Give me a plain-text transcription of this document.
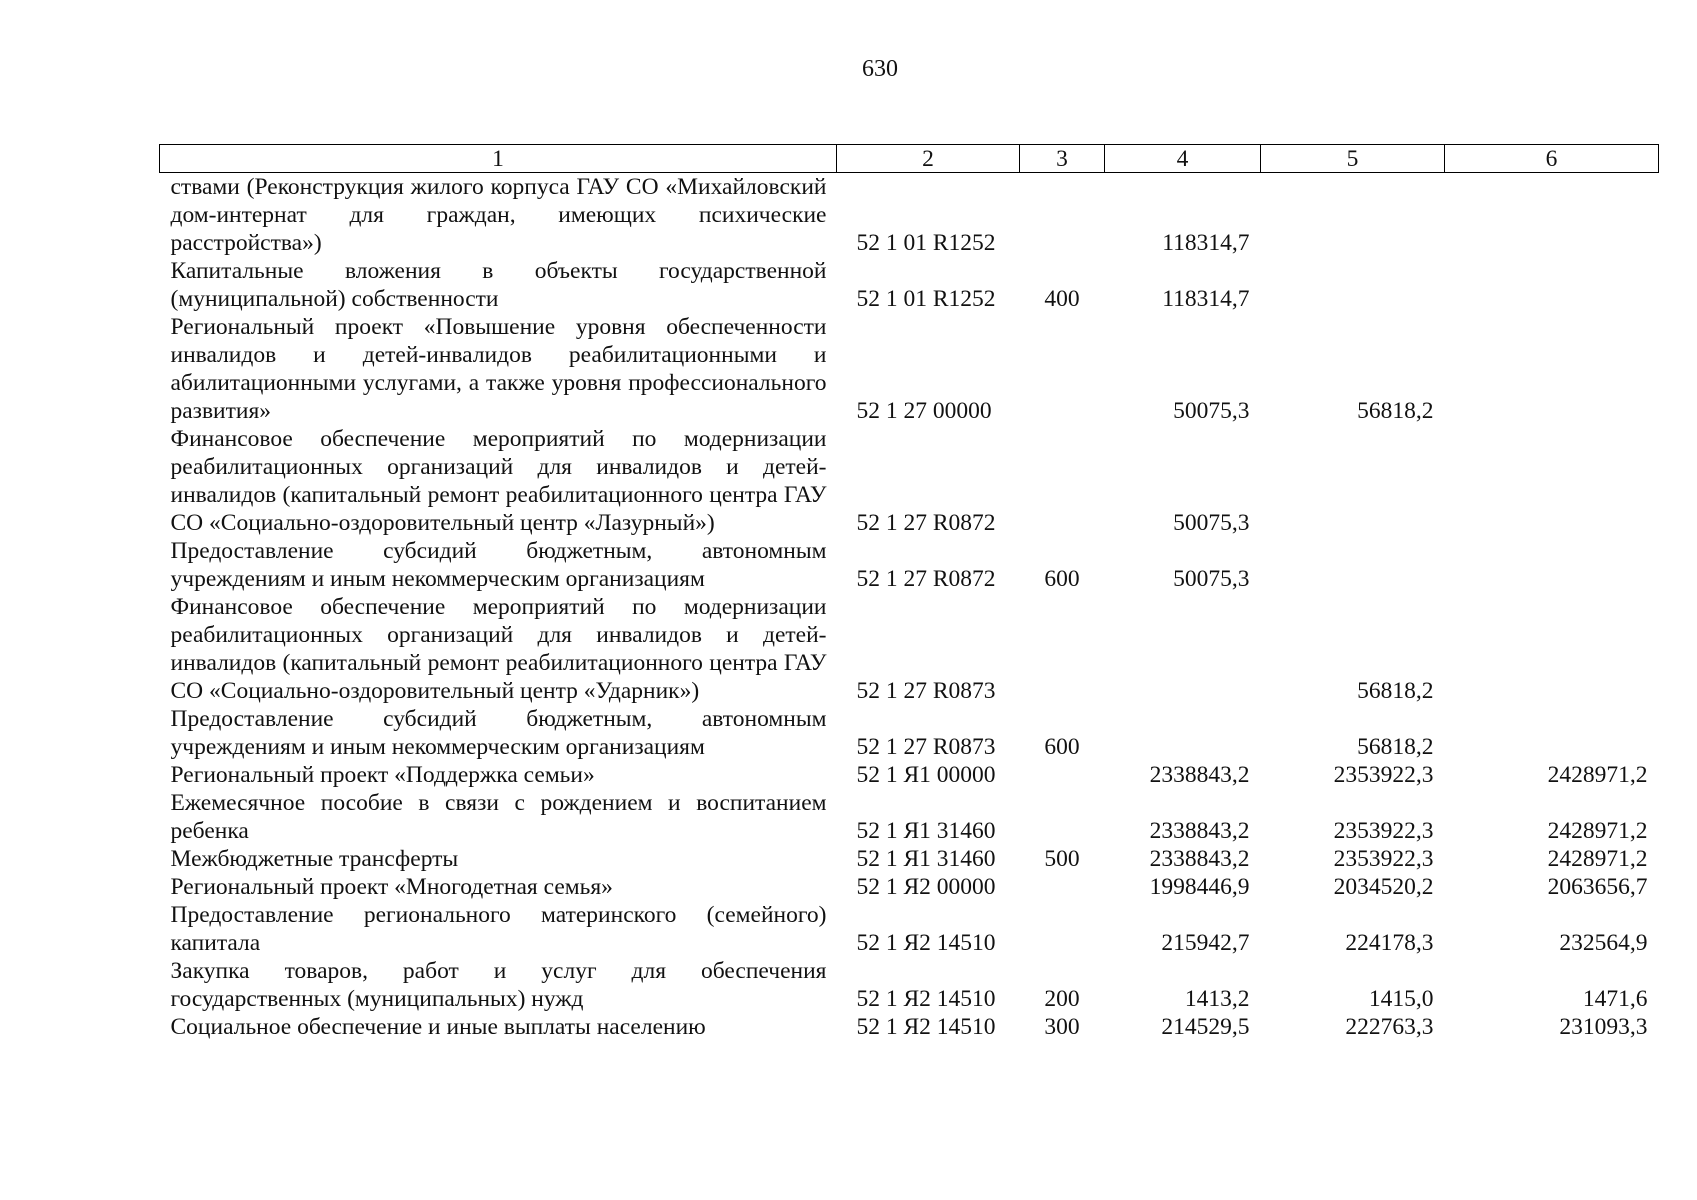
630
1	2	3	4	5	6
ствами (Реконструкция жилого корпуса ГАУ СО «Михайловский дом-интернат для граждан, имеющих психические расстройства»)	52 1 01 R1252		118314,7		
Капитальные вложения в объекты государственной (муниципальной) собственности	52 1 01 R1252	400	118314,7		
Региональный проект «Повышение уровня обеспеченности инвалидов и детей-инвалидов реабилитационными и абилитационными услугами, а также уровня профессионального развития»	52 1 27 00000		50075,3	56818,2	
Финансовое обеспечение мероприятий по модернизации реабилитационных организаций для инвалидов и детей-инвалидов (капитальный ремонт реабилитационного центра ГАУ СО «Социально-оздоровительный центр «Лазурный»)	52 1 27 R0872		50075,3		
Предоставление субсидий бюджетным, автономным учреждениям и иным некоммерческим организациям	52 1 27 R0872	600	50075,3		
Финансовое обеспечение мероприятий по модернизации реабилитационных организаций для инвалидов и детей-инвалидов (капитальный ремонт реабилитационного центра ГАУ СО «Социально-оздоровительный центр «Ударник»)	52 1 27 R0873			56818,2	
Предоставление субсидий бюджетным, автономным учреждениям и иным некоммерческим организациям	52 1 27 R0873	600		56818,2	
Региональный проект «Поддержка семьи»	52 1 Я1 00000		2338843,2	2353922,3	2428971,2
Ежемесячное пособие в связи с рождением и воспитанием ребенка	52 1 Я1 31460		2338843,2	2353922,3	2428971,2
Межбюджетные трансферты	52 1 Я1 31460	500	2338843,2	2353922,3	2428971,2
Региональный проект «Многодетная семья»	52 1 Я2 00000		1998446,9	2034520,2	2063656,7
Предоставление регионального материнского (семейного) капитала	52 1 Я2 14510		215942,7	224178,3	232564,9
Закупка товаров, работ и услуг для обеспечения государственных (муниципальных) нужд	52 1 Я2 14510	200	1413,2	1415,0	1471,6
Социальное обеспечение и иные выплаты населению	52 1 Я2 14510	300	214529,5	222763,3	231093,3
